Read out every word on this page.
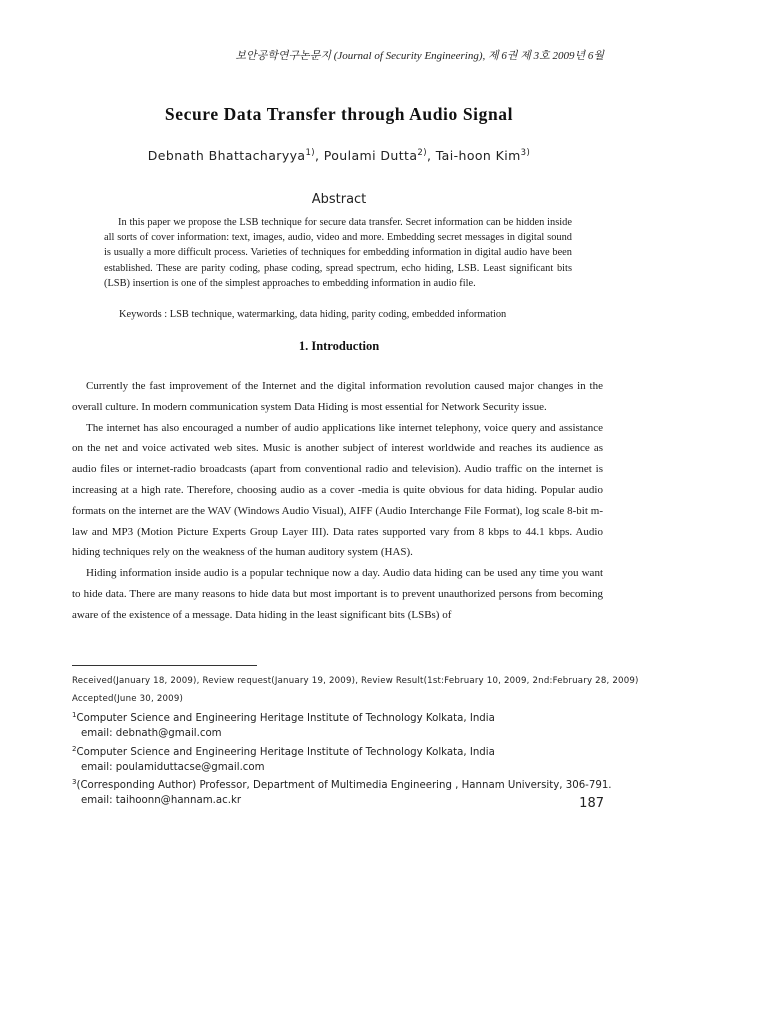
보안공학연구논문지 (Journal of Security Engineering), 제 6권 제 3호 2009년 6월
Secure Data Transfer through Audio Signal
Debnath Bhattacharyya$^{1)}$, Poulami Dutta$^{2)}$, Tai-hoon Kim$^{3)}$
Abstract
In this paper we propose the LSB technique for secure data transfer. Secret information can be hidden inside all sorts of cover information: text, images, audio, video and more. Embedding secret messages in digital sound is usually a more difficult process. Varieties of techniques for embedding information in digital audio have been established. These are parity coding, phase coding, spread spectrum, echo hiding, LSB. Least significant bits (LSB) insertion is one of the simplest approaches to embedding information in audio file.
Keywords : LSB technique, watermarking, data hiding, parity coding, embedded information
1. Introduction

Currently the fast improvement of the Internet and the digital information revolution caused major changes in the overall culture. In modern communication system Data Hiding is most essential for Network Security issue.

The internet has also encouraged a number of audio applications like internet telephony, voice query and assistance on the net and voice activated web sites. Music is another subject of interest worldwide and reaches its audience as audio files or internet-radio broadcasts (apart from conventional radio and television). Audio traffic on the internet is increasing at a high rate. Therefore, choosing audio as a cover -media is quite obvious for data hiding. Popular audio formats on the internet are the WAV (Windows Audio Visual), AIFF (Audio Interchange File Format), log scale 8-bit m-law and MP3 (Motion Picture Experts Group Layer III). Data rates supported vary from 8 kbps to 44.1 kbps. Audio hiding techniques rely on the weakness of the human auditory system (HAS).

Hiding information inside audio is a popular technique now a day. Audio data hiding can be used any time you want to hide data. There are many reasons to hide data but most important is to prevent unauthorized persons from becoming aware of the existence of a message. Data hiding in the least significant bits (LSBs) of

Received(January 18, 2009), Review request(January 19, 2009), Review Result(1st:February 10, 2009, 2nd:February 28, 2009)
Accepted(June 30, 2009)
$^1$Computer Science and Engineering Heritage Institute of Technology Kolkata, India
email: debnath@gmail.com
$^2$Computer Science and Engineering Heritage Institute of Technology Kolkata, India
email: poulamiduttacse@gmail.com
$^3$(Corresponding Author) Professor, Department of Multimedia Engineering , Hannam University, 306-791.
email: taihoonn@hannam.ac.kr	187
